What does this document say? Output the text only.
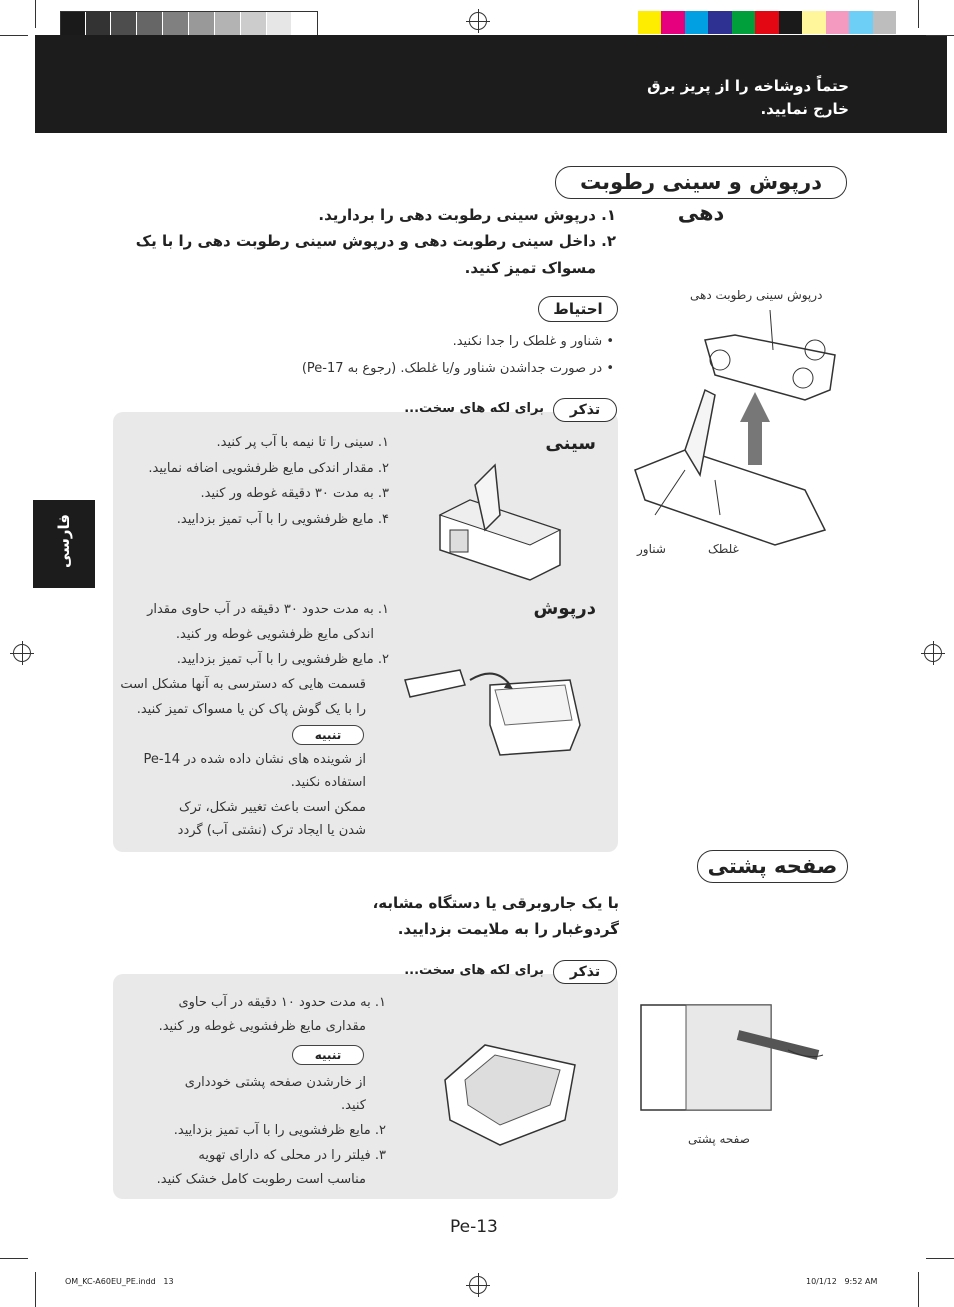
حتماً دوشاخه را از پریز برق
خارج نمایید.
فارسی
درپوش و سینی رطوبت دهی
۱. درپوش سینی رطوبت دهی را بردارید.
۲. داخل سینی رطوبت دهی و درپوش سینی رطوبت دهی را با یک
مسواک تمیز کنید.
احتیاط
• شناور و غلطک را جدا نکنید.
• در صورت جداشدن شناور و/یا غلطک. (رجوع به Pe-17)
تذکر
برای لکه های سخت...
سینی
۱. سینی را تا نیمه با آب پر کنید.
۲. مقدار اندکی مایع ظرفشویی اضافه نمایید.
۳. به مدت ۳۰ دقیقه غوطه ور کنید.
۴. مایع ظرفشویی را با آب تمیز بزدایید.
درپوش
۱. به مدت حدود ۳۰ دقیقه در آب حاوی مقدار
اندکی مایع ظرفشویی غوطه ور کنید.
۲. مایع ظرفشویی را با آب تمیز بزدایید.
قسمت هایی که دسترسی به آنها مشکل است
را با یک گوش پاک کن یا مسواک تمیز کنید.
تنبیه
از شوینده های نشان داده شده در Pe-14
استفاده نکنید.
ممکن است باعث تغییر شکل، ترک
شدن یا ایجاد ترک (نشتی آب) گردد
درپوش سینی رطوبت دهی
شناور	غلطک
صفحه پشتی
با یک جاروبرقی یا دستگاه مشابه،
گردوغبار را به ملایمت بزدایید.
تذکر
برای لکه های سخت...
۱. به مدت حدود ۱۰ دقیقه در آب حاوی
مقداری مایع ظرفشویی غوطه ور کنید.
تنبیه
از خارشدن صفحه پشتی خودداری
کنید.
۲. مایع ظرفشویی را با آب تمیز بزدایید.
۳. فیلتر را در محلی که دارای تهویه
مناسب است رطوبت کامل خشک کنید.
صفحه پشتی
Pe-13
OM_KC-A60EU_PE.indd   13	10/1/12   9:52 AM
